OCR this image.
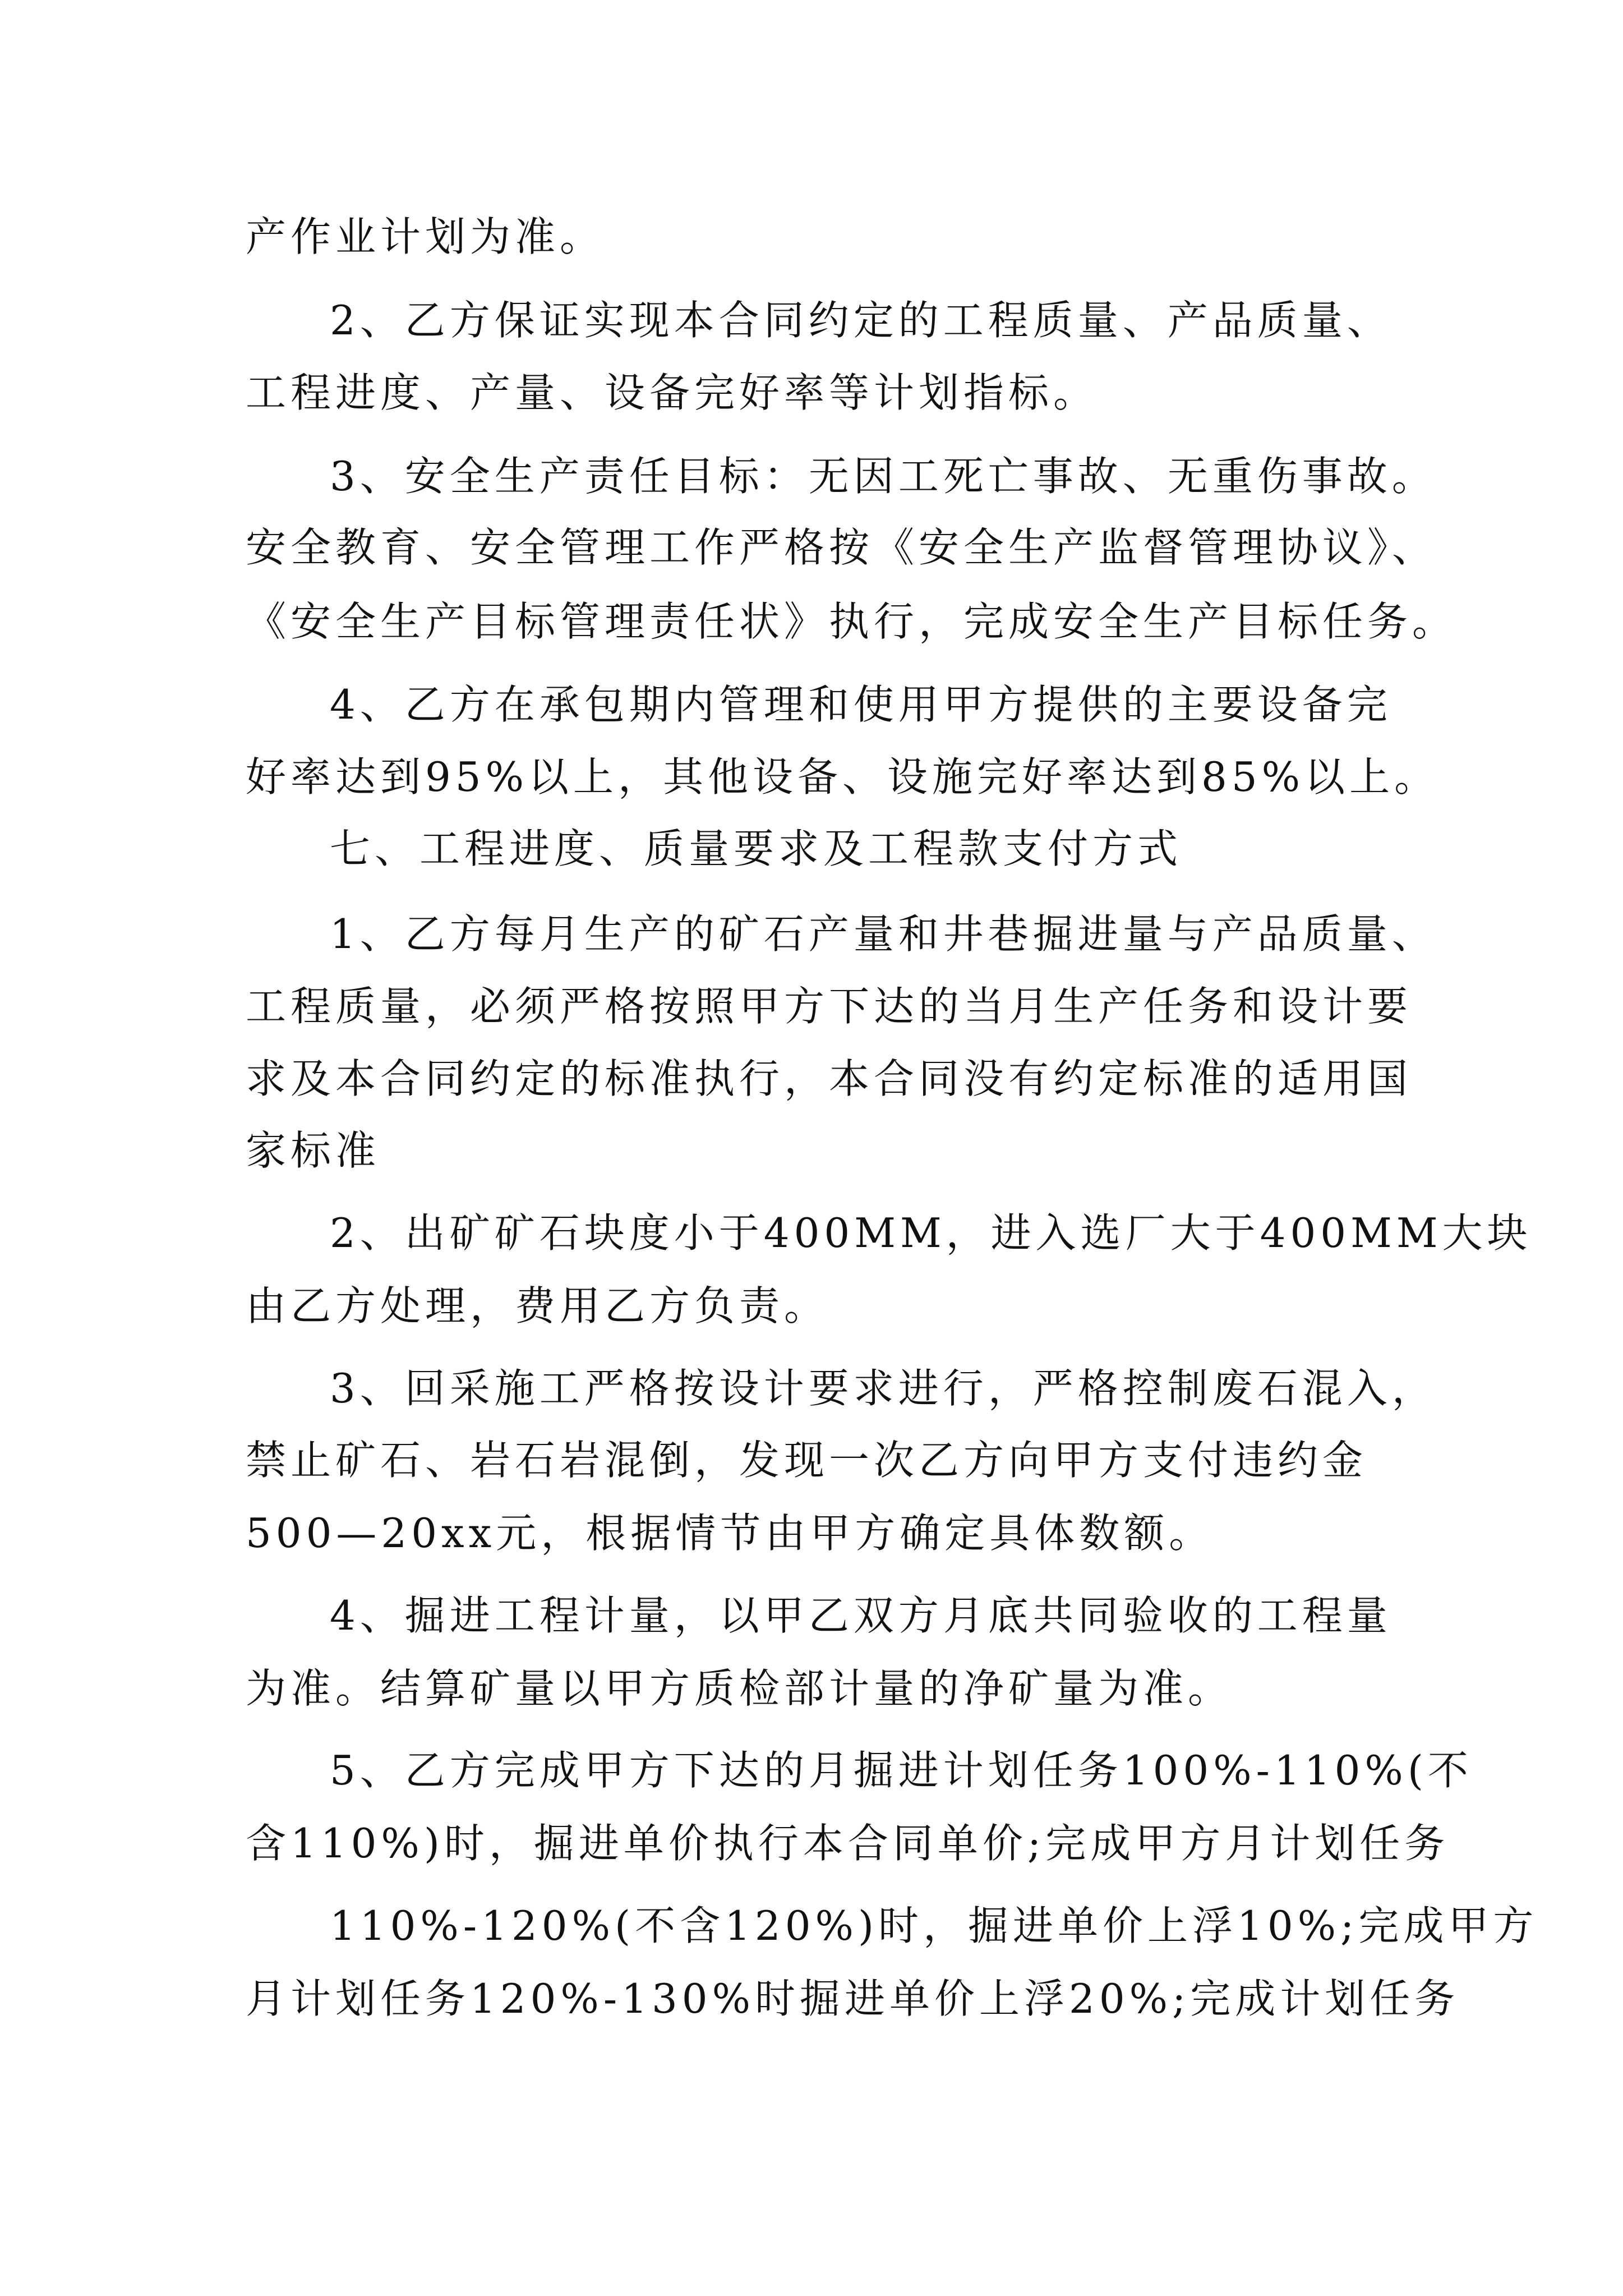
产作业计划为准。
2、乙方保证实现本合同约定的工程质量、产品质量、
工程进度、产量、设备完好率等计划指标。
3、安全生产责任目标：无因工死亡事故、无重伤事故。
安全教育、安全管理工作严格按《安全生产监督管理协议》、
《安全生产目标管理责任状》执行，完成安全生产目标任务。
4、乙方在承包期内管理和使用甲方提供的主要设备完
好率达到95%以上，其他设备、设施完好率达到85%以上。
七、工程进度、质量要求及工程款支付方式
1、乙方每月生产的矿石产量和井巷掘进量与产品质量、
工程质量，必须严格按照甲方下达的当月生产任务和设计要
求及本合同约定的标准执行，本合同没有约定标准的适用国
家标准
2、出矿矿石块度小于400MM，进入选厂大于400MM大块
由乙方处理，费用乙方负责。
3、回采施工严格按设计要求进行，严格控制废石混入，
禁止矿石、岩石岩混倒，发现一次乙方向甲方支付违约金
500—20xx元，根据情节由甲方确定具体数额。
4、掘进工程计量，以甲乙双方月底共同验收的工程量
为准。结算矿量以甲方质检部计量的净矿量为准。
5、乙方完成甲方下达的月掘进计划任务100%-110%(不
含110%)时，掘进单价执行本合同单价;完成甲方月计划任务
110%-120%(不含120%)时，掘进单价上浮10%;完成甲方
月计划任务120%-130%时掘进单价上浮20%;完成计划任务
